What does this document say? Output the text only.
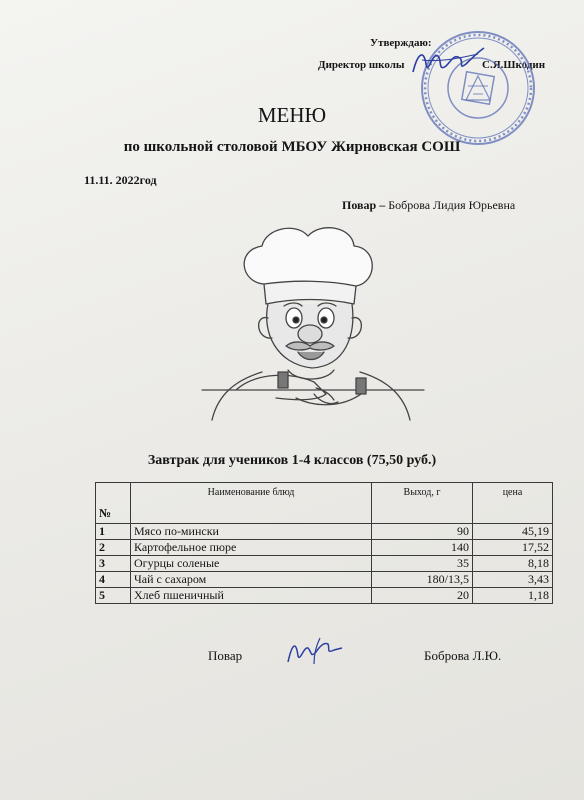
Утверждаю:
Директор школы	С.Я.Шкодин
МЕНЮ
по школьной столовой МБОУ Жирновская СОШ
11.11. 2022год
Повар – Боброва Лидия Юрьевна
Завтрак для учеников 1-4 классов (75,50 руб.)
№	Наименование блюд	Выход, г	цена
1	Мясо по-мински	90	45,19
2	Картофельное пюре	140	17,52
3	Огурцы соленые	35	8,18
4	Чай с сахаром	180/13,5	3,43
5	Хлеб пшеничный	20	1,18
Повар	Боброва Л.Ю.
